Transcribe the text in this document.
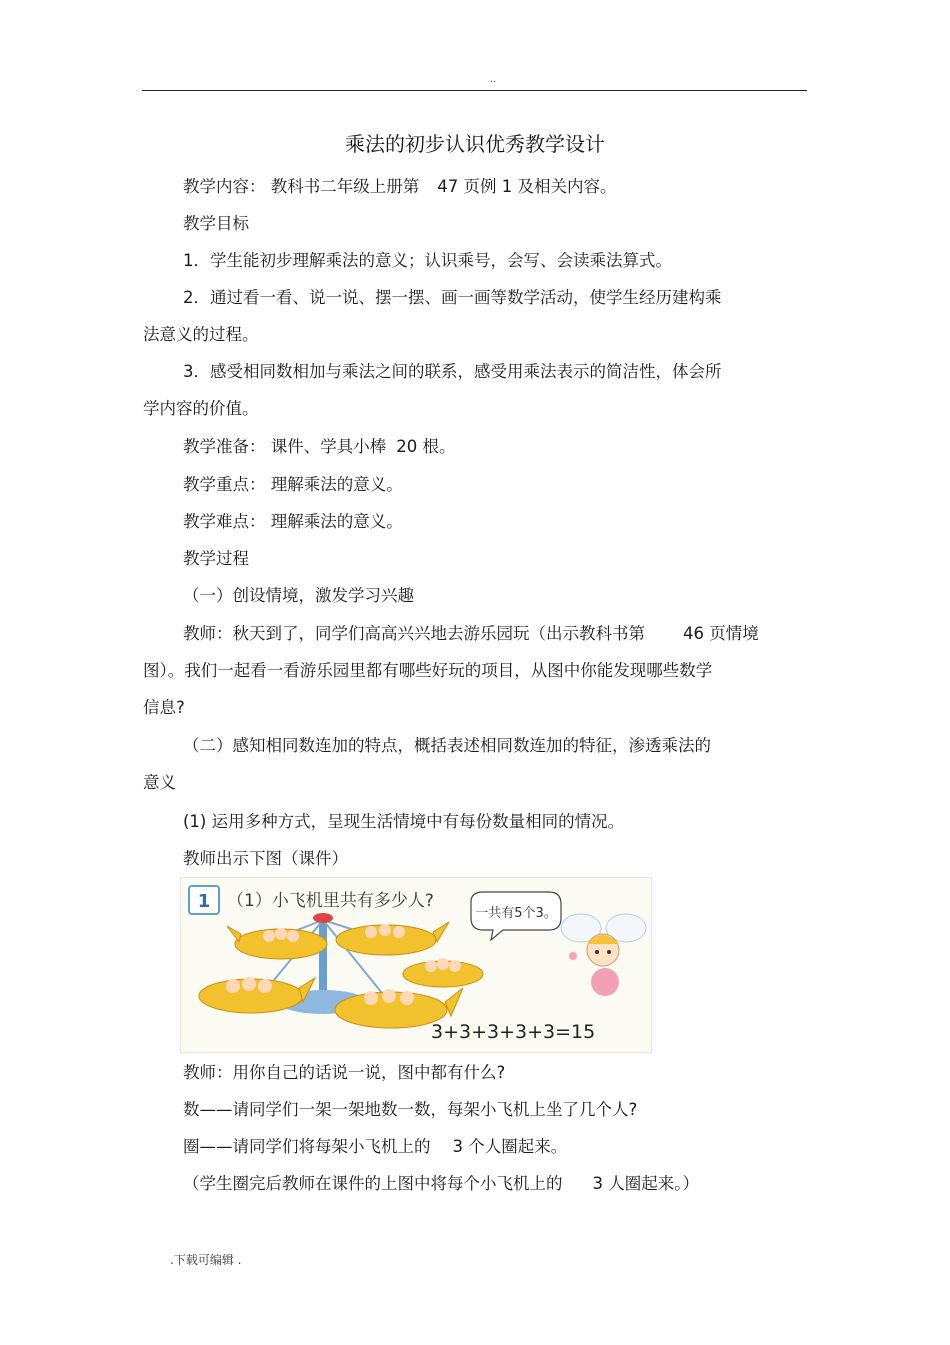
..
乘法的初步认识优秀教学设计
教学内容： 教科书二年级上册第 47 页例 1 及相关内容。
教学目标
1．学生能初步理解乘法的意义；认识乘号，会写、会读乘法算式。
2．通过看一看、说一说、摆一摆、画一画等数学活动，使学生经历建构乘
法意义的过程。
3．感受相同数相加与乘法之间的联系，感受用乘法表示的简洁性，体会所
学内容的价值。
教学准备： 课件、学具小棒 20 根。
教学重点： 理解乘法的意义。
教学难点： 理解乘法的意义。
教学过程
（一）创设情境，激发学习兴趣
教师：秋天到了，同学们高高兴兴地去游乐园玩（出示教科书第 46 页情境
图）。我们一起看一看游乐园里都有哪些好玩的项目，从图中你能发现哪些数学
信息?
（二）感知相同数连加的特点，概括表述相同数连加的特征，渗透乘法的
意义
(1) 运用多种方式，呈现生活情境中有每份数量相同的情况。
教师出示下图（课件）
1 （1）小飞机里共有多少人?
一共有5个3。
3+3+3+3+3=15
教师：用你自己的话说一说，图中都有什么?
数——请同学们一架一架地数一数，每架小飞机上坐了几个人?
圈——请同学们将每架小飞机上的 3 个人圈起来。
（学生圈完后教师在课件的上图中将每个小飞机上的 3 人圈起来。）
.下载可编辑 .
